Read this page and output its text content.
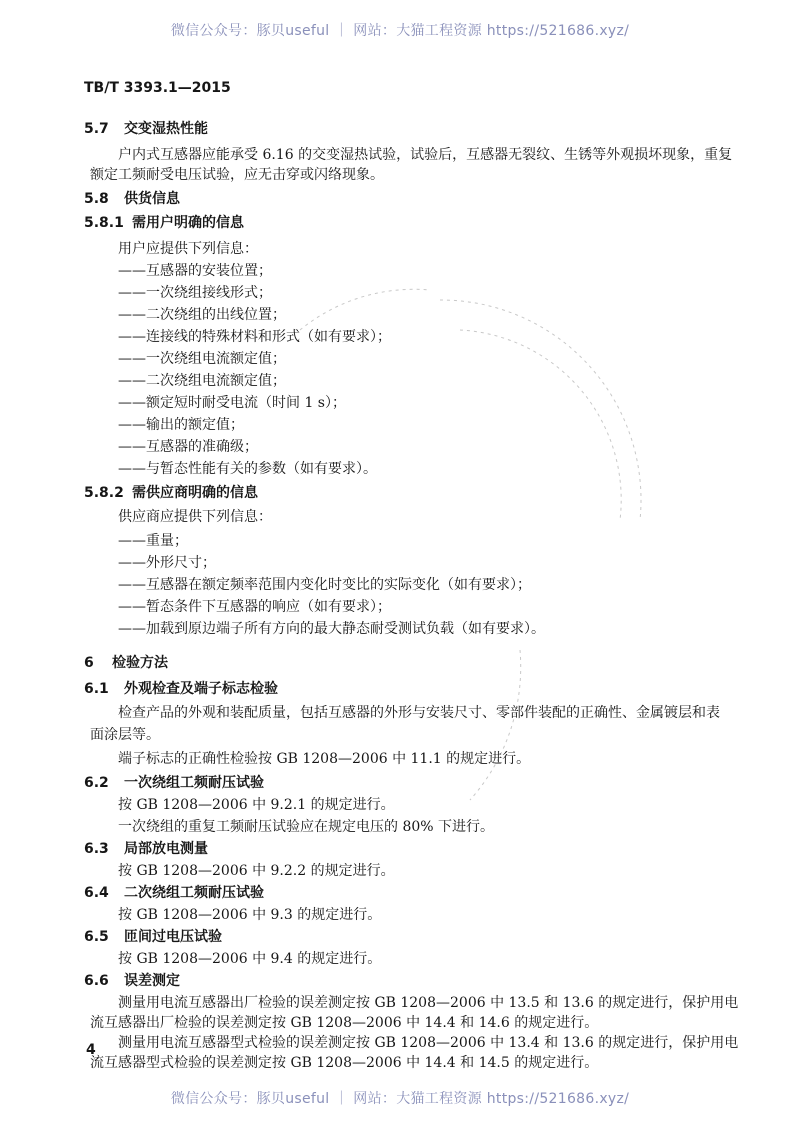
微信公众号：豚贝useful ｜ 网站：大猫工程资源 https://521686.xyz/
TB/T 3393.1—2015
5.7 交变湿热性能
户内式互感器应能承受 6.16 的交变湿热试验，试验后，互感器无裂纹、生锈等外观损坏现象，重复
额定工频耐受电压试验，应无击穿或闪络现象。
5.8 供货信息
5.8.1 需用户明确的信息
用户应提供下列信息：
——互感器的安装位置；
——一次绕组接线形式；
——二次绕组的出线位置；
——连接线的特殊材料和形式（如有要求）；
——一次绕组电流额定值；
——二次绕组电流额定值；
——额定短时耐受电流（时间 1 s）；
——输出的额定值；
——互感器的准确级；
——与暂态性能有关的参数（如有要求）。
5.8.2 需供应商明确的信息
供应商应提供下列信息：
——重量；
——外形尺寸；
——互感器在额定频率范围内变化时变比的实际变化（如有要求）；
——暂态条件下互感器的响应（如有要求）；
——加载到原边端子所有方向的最大静态耐受测试负载（如有要求）。
6 检验方法
6.1 外观检查及端子标志检验
检查产品的外观和装配质量，包括互感器的外形与安装尺寸、零部件装配的正确性、金属镀层和表
面涂层等。
端子标志的正确性检验按 GB 1208—2006 中 11.1 的规定进行。
6.2 一次绕组工频耐压试验
按 GB 1208—2006 中 9.2.1 的规定进行。
一次绕组的重复工频耐压试验应在规定电压的 80% 下进行。
6.3 局部放电测量
按 GB 1208—2006 中 9.2.2 的规定进行。
6.4 二次绕组工频耐压试验
按 GB 1208—2006 中 9.3 的规定进行。
6.5 匝间过电压试验
按 GB 1208—2006 中 9.4 的规定进行。
6.6 误差测定
测量用电流互感器出厂检验的误差测定按 GB 1208—2006 中 13.5 和 13.6 的规定进行，保护用电
流互感器出厂检验的误差测定按 GB 1208—2006 中 14.4 和 14.6 的规定进行。
测量用电流互感器型式检验的误差测定按 GB 1208—2006 中 13.4 和 13.6 的规定进行，保护用电
流互感器型式检验的误差测定按 GB 1208—2006 中 14.4 和 14.5 的规定进行。
4
微信公众号：豚贝useful ｜ 网站：大猫工程资源 https://521686.xyz/
